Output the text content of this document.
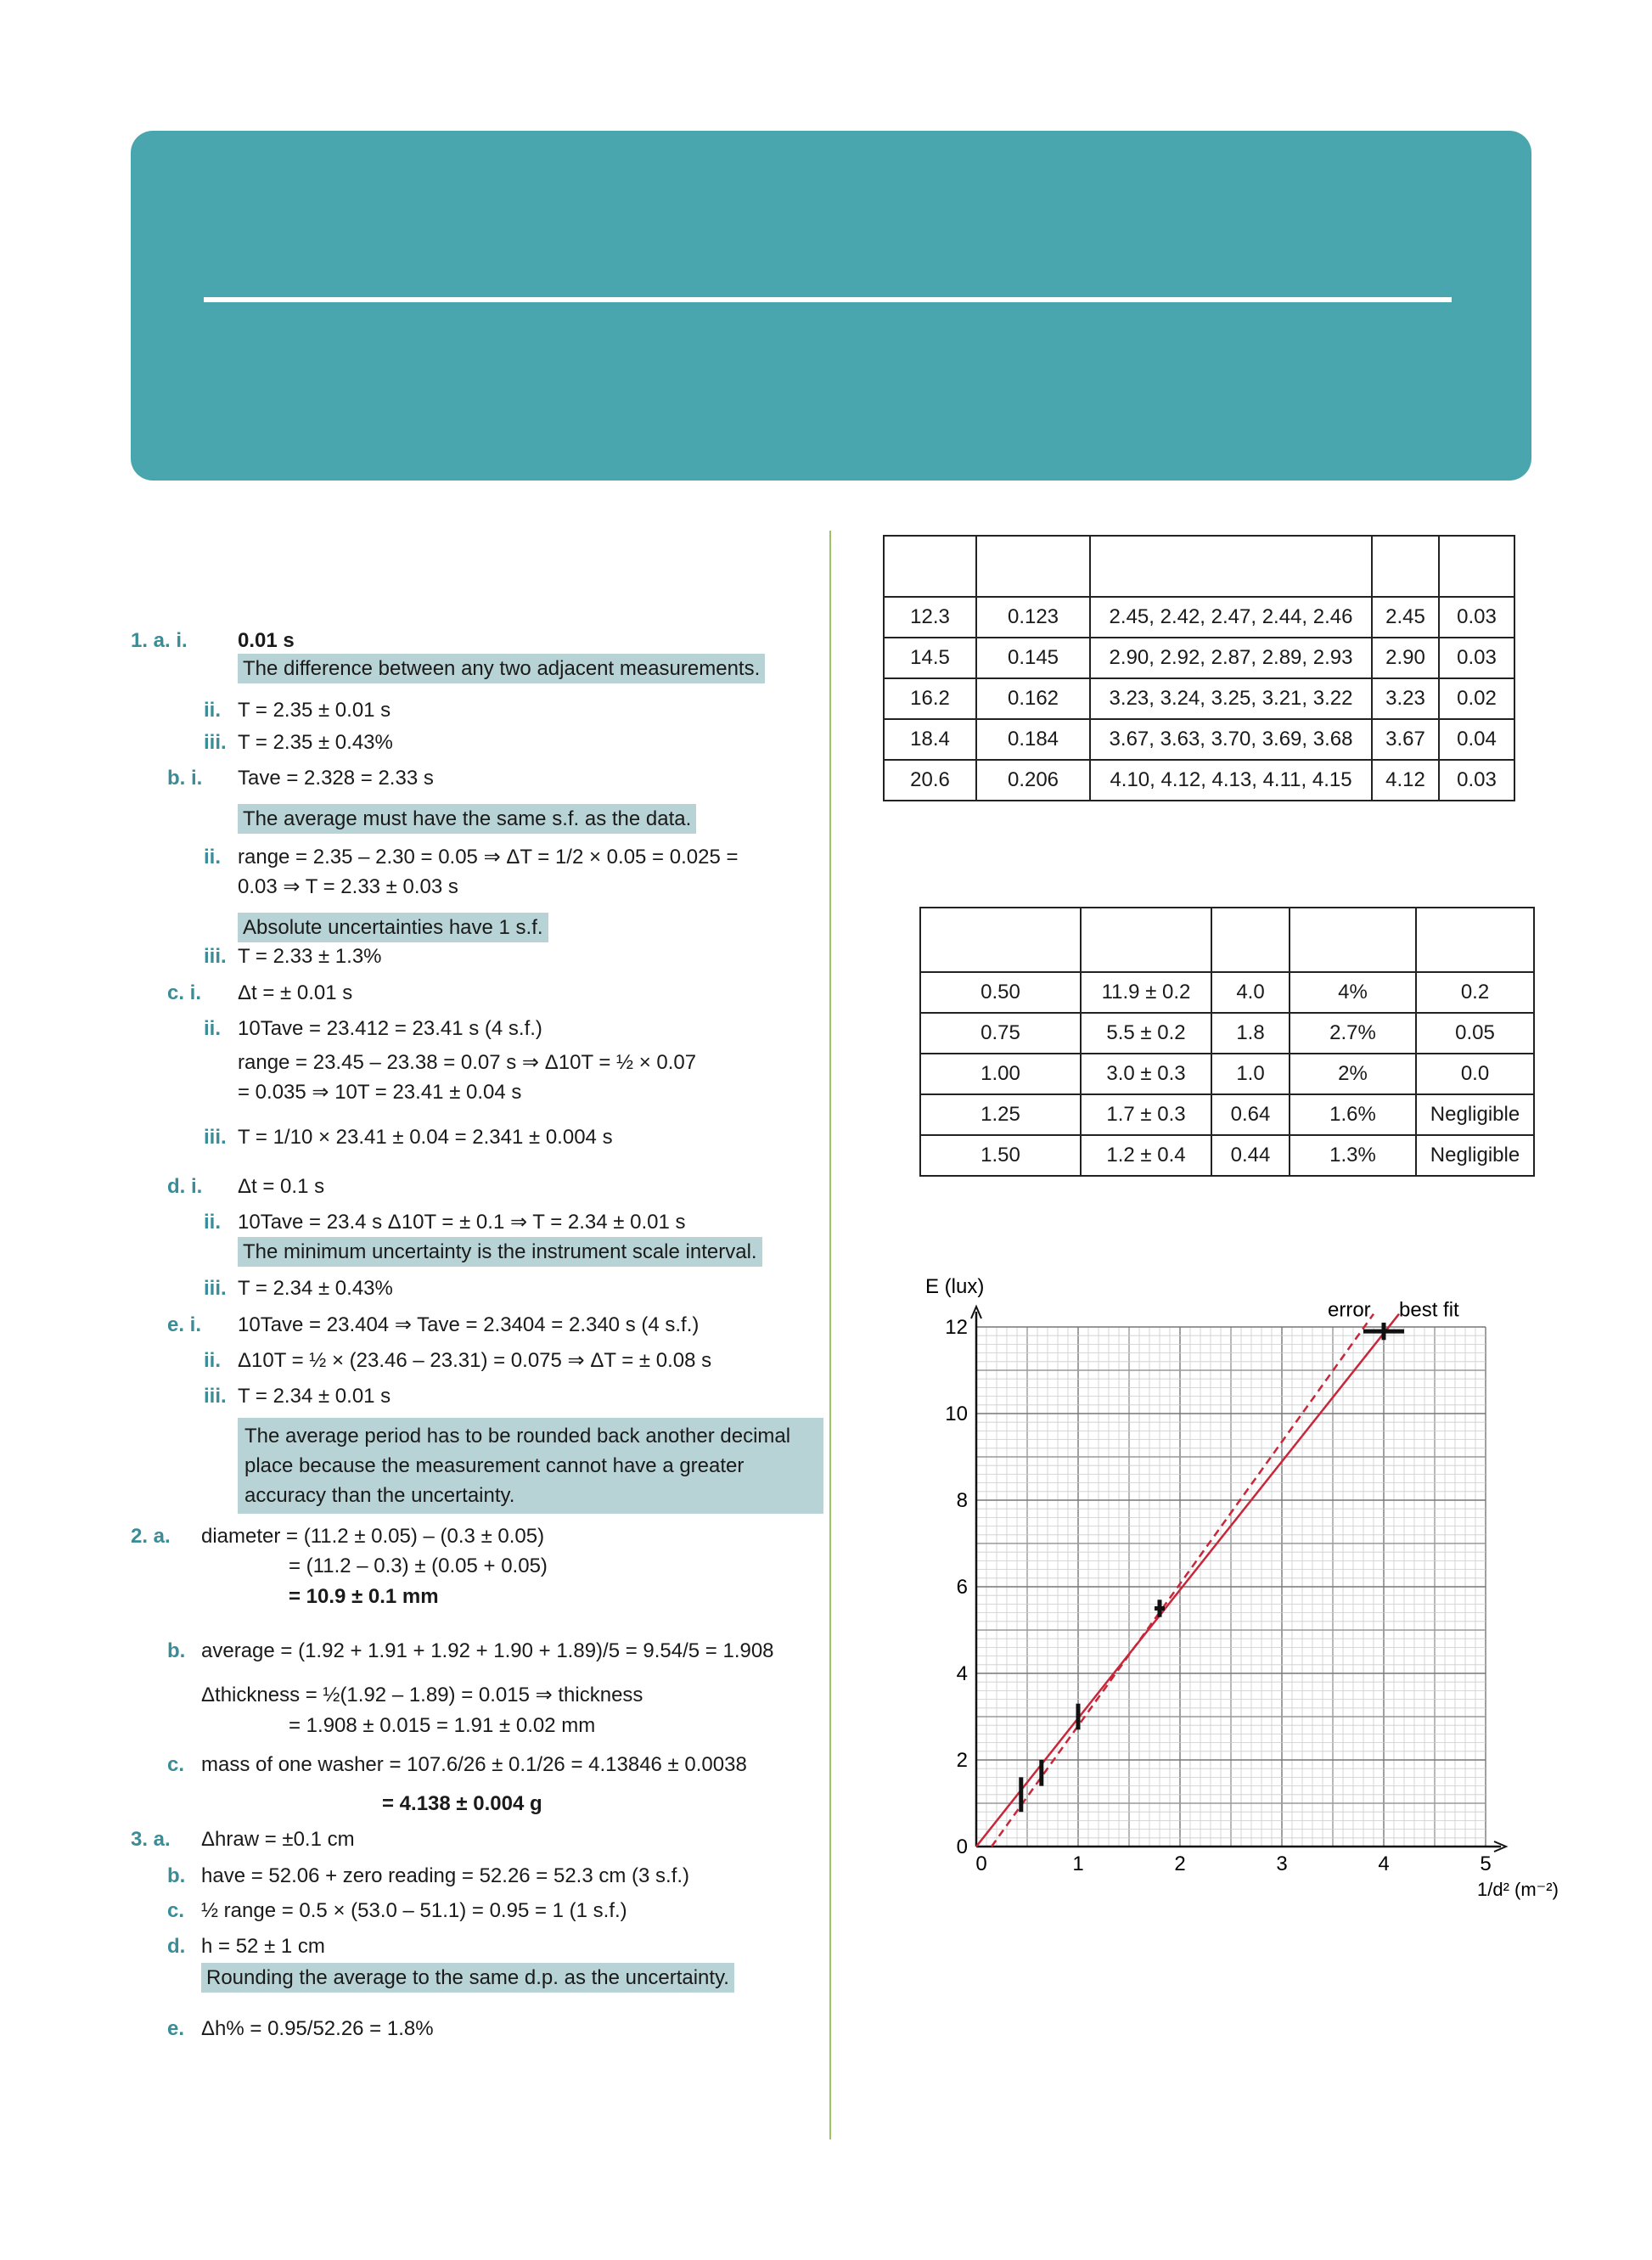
1. a. i. 0.01 s
The difference between any two adjacent measurements.
ii. T = 2.35 ± 0.01 s
iii. T = 2.35 ± 0.43%
b. i. Tave = 2.328 = 2.33 s
The average must have the same s.f. as the data.
ii. range = 2.35 – 2.30 = 0.05 ⇒ ΔT = 1/2 × 0.05 = 0.025 =
0.03 ⇒ T = 2.33 ± 0.03 s
Absolute uncertainties have 1 s.f.
iii. T = 2.33 ± 1.3%
c. i. Δt = ± 0.01 s
ii. 10Tave = 23.412 = 23.41 s (4 s.f.)
range = 23.45 – 23.38 = 0.07 s ⇒ Δ10T = ½ × 0.07
= 0.035 ⇒ 10T = 23.41 ± 0.04 s
iii. T = 1/10 × 23.41 ± 0.04 = 2.341 ± 0.004 s
d. i. Δt = 0.1 s
ii. 10Tave = 23.4 s Δ10T = ± 0.1 ⇒ T = 2.34 ± 0.01 s
The minimum uncertainty is the instrument scale interval.
iii. T = 2.34 ± 0.43%
e. i. 10Tave = 23.404 ⇒ Tave = 2.3404 = 2.340 s (4 s.f.)
ii. Δ10T = ½ × (23.46 – 23.31) = 0.075 ⇒ ΔT = ± 0.08 s
iii. T = 2.34 ± 0.01 s
The average period has to be rounded back another decimal place because the measurement cannot have a greater accuracy than the uncertainty.
2. a. diameter = (11.2 ± 0.05) – (0.3 ± 0.05)
= (11.2 – 0.3) ± (0.05 + 0.05)
= 10.9 ± 0.1 mm
b. average = (1.92 + 1.91 + 1.92 + 1.90 + 1.89)/5 = 9.54/5 = 1.908
Δthickness = ½(1.92 – 1.89) = 0.015 ⇒ thickness
= 1.908 ± 0.015 = 1.91 ± 0.02 mm
c. mass of one washer = 107.6/26 ± 0.1/26 = 4.13846 ± 0.0038
= 4.138 ± 0.004 g
3. a. Δhraw = ±0.1 cm
b. have = 52.06 + zero reading = 52.26 = 52.3 cm (3 s.f.)
c. ½ range = 0.5 × (53.0 – 51.1) = 0.95 = 1 (1 s.f.)
d. h = 52 ± 1 cm
Rounding the average to the same d.p. as the uncertainty.
e. Δh% = 0.95/52.26 = 1.8%

12.3	0.123	2.45, 2.42, 2.47, 2.44, 2.46	2.45	0.03
14.5	0.145	2.90, 2.92, 2.87, 2.89, 2.93	2.90	0.03
16.2	0.162	3.23, 3.24, 3.25, 3.21, 3.22	3.23	0.02
18.4	0.184	3.67, 3.63, 3.70, 3.69, 3.68	3.67	0.04
20.6	0.206	4.10, 4.12, 4.13, 4.11, 4.15	4.12	0.03

0.50	11.9 ± 0.2	4.0	4%	0.2
0.75	5.5 ± 0.2	1.8	2.7%	0.05
1.00	3.0 ± 0.3	1.0	2%	0.0
1.25	1.7 ± 0.3	0.64	1.6%	Negligible
1.50	1.2 ± 0.4	0.44	1.3%	Negligible
0	1	2	3	4	5
0
2
4
6
8
10
12
E (lux)
1/d² (m⁻²)
error best fit
